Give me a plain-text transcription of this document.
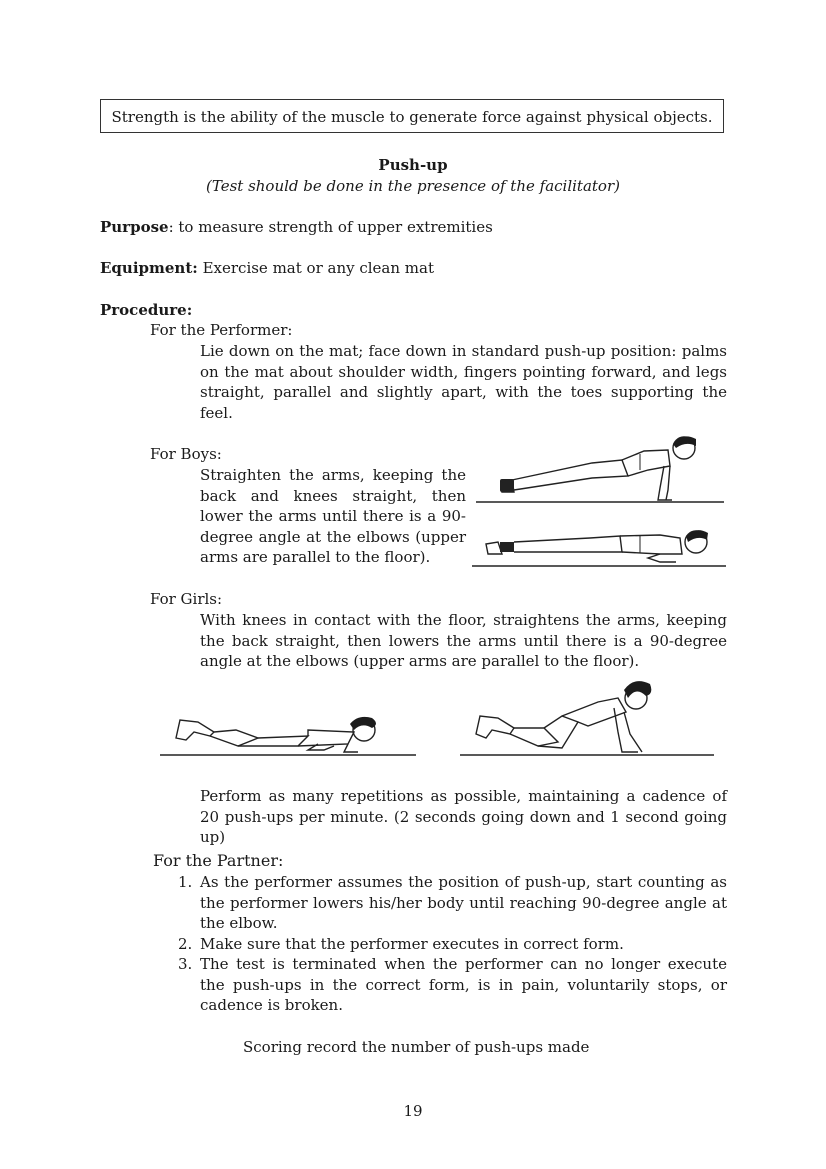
Strength is the ability of the muscle to generate force against physical objects.
Push-up
(Test should be done in the presence of the facilitator)
Purpose: to measure strength of upper extremities
Equipment: Exercise mat or any clean mat
Procedure:
For the Performer:
Lie down on the mat; face down in standard push-up position: palms on the mat about shoulder width, fingers pointing forward, and legs straight, parallel and slightly apart, with the toes supporting the feel.
For Boys:
Straighten the arms, keeping the back and knees straight, then lower the arms until there is a 90-degree angle at the elbows (upper arms are parallel to the floor).
For Girls:
With knees in contact with the floor, straightens the arms, keeping the back straight, then lowers the arms until there is a 90-degree angle at the elbows (upper arms are parallel to the floor).
Perform as many repetitions as possible, maintaining a cadence of 20 push-ups per minute. (2 seconds going down and 1 second going up)
For the Partner:
1. As the performer assumes the position of push-up, start counting as the performer lowers his/her body until reaching 90-degree angle at the elbow.
2. Make sure that the performer executes in correct form.
3. The test is terminated when the performer can no longer execute the push-ups in the correct form, is in pain, voluntarily stops, or cadence is broken.
Scoring record the number of push-ups made
19
